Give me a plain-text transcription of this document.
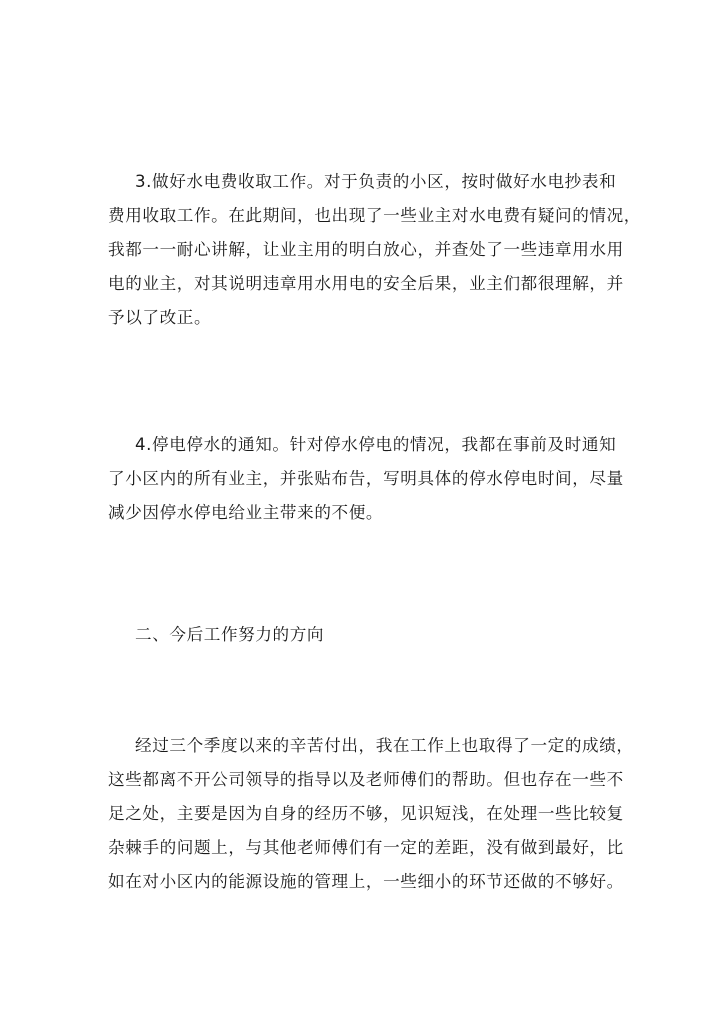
3.做好水电费收取工作。对于负责的小区，按时做好水电抄表和
费用收取工作。在此期间，也出现了一些业主对水电费有疑问的情况，
我都一一耐心讲解，让业主用的明白放心，并查处了一些违章用水用
电的业主，对其说明违章用水用电的安全后果，业主们都很理解，并
予以了改正。
4.停电停水的通知。针对停水停电的情况，我都在事前及时通知
了小区内的所有业主，并张贴布告，写明具体的停水停电时间，尽量
减少因停水停电给业主带来的不便。
二、今后工作努力的方向
经过三个季度以来的辛苦付出，我在工作上也取得了一定的成绩，
这些都离不开公司领导的指导以及老师傅们的帮助。但也存在一些不
足之处，主要是因为自身的经历不够，见识短浅，在处理一些比较复
杂棘手的问题上，与其他老师傅们有一定的差距，没有做到最好，比
如在对小区内的能源设施的管理上，一些细小的环节还做的不够好。
